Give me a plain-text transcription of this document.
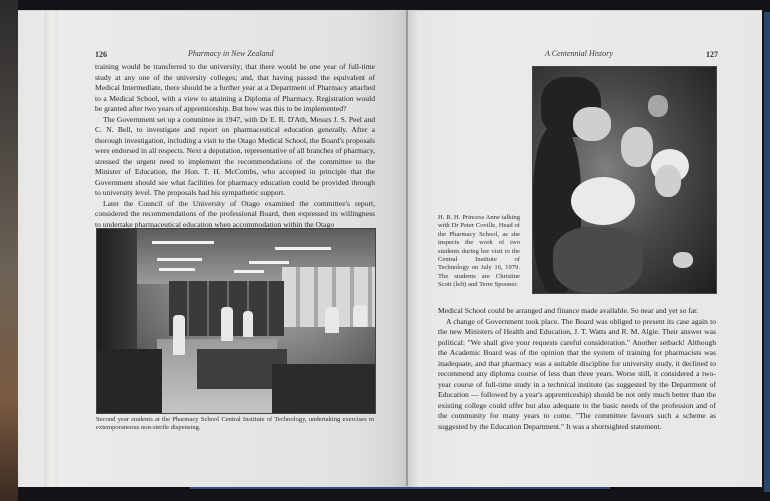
126	Pharmacy in New Zealand

training would be transferred to the university; that there would be one year of full-time study at any one of the university colleges; and, that having passed the equivalent of Medical Intermediate, there should be a further year at a Department of Pharmacy attached to a Medical School, with a view to attaining a Diploma of Pharmacy. Registration would be granted after two years of apprenticeship. But how was this to be implemented?

The Government set up a committee in 1947, with Dr E. R. D'Ath, Messrs J. S. Peel and C. N. Bell, to investigate and report on pharmaceutical education generally. After a thorough investigation, including a visit to the Otago Medical School, the Board's proposals were endorsed in all respects. Next a deputation, representative of all branches of pharmacy, stressed the urgent need to implement the recommendations of the committee to the Minister of Education, the Hon. T. H. McCombs, who accepted in principle that the Government should see what facilities for pharmacy education could be provided through to university level. The proposals had his sympathetic support.

Later the Council of the University of Otago examined the committee's report, considered the recommendations of the professional Board, then expressed its willingness to undertake pharmaceutical education when accommodation within the Otago

Second year students at the Pharmacy School Central Institute of Technology, undertaking exercises in extemporaneous non-sterile dispensing.
A Centennial History	127
H. R. H. Princess Anne talking with Dr Peter Coville, Head of the Pharmacy School, as she inspects the work of two students during her visit to the Central Institute of Technology on July 16, 1979. The students are Christine Scott (left) and Terre Spooner.

Medical School could be arranged and finance made available. So near and yet so far.

A change of Government took place. The Board was obliged to present its case again to the new Ministers of Health and Education, J. T. Watts and R. M. Algie. Their answer was political: "We shall give your requests careful consideration." Another setback! Although the Academic Board was of the opinion that the system of training for pharmacists was inadequate, and that pharmacy was a suitable discipline for university study, it declined to recommend any diploma course of less than three years. Worse still, it considered a two-year course of full-time study in a technical institute (as suggested by the Department of Education — followed by a year's apprenticeship) should be not only much better than the existing college could offer but also adequate to the basic needs of the profession and of the community for many years to come. "The committee favours such a scheme as suggested by the Education Department." It was a shortsighted statement.
